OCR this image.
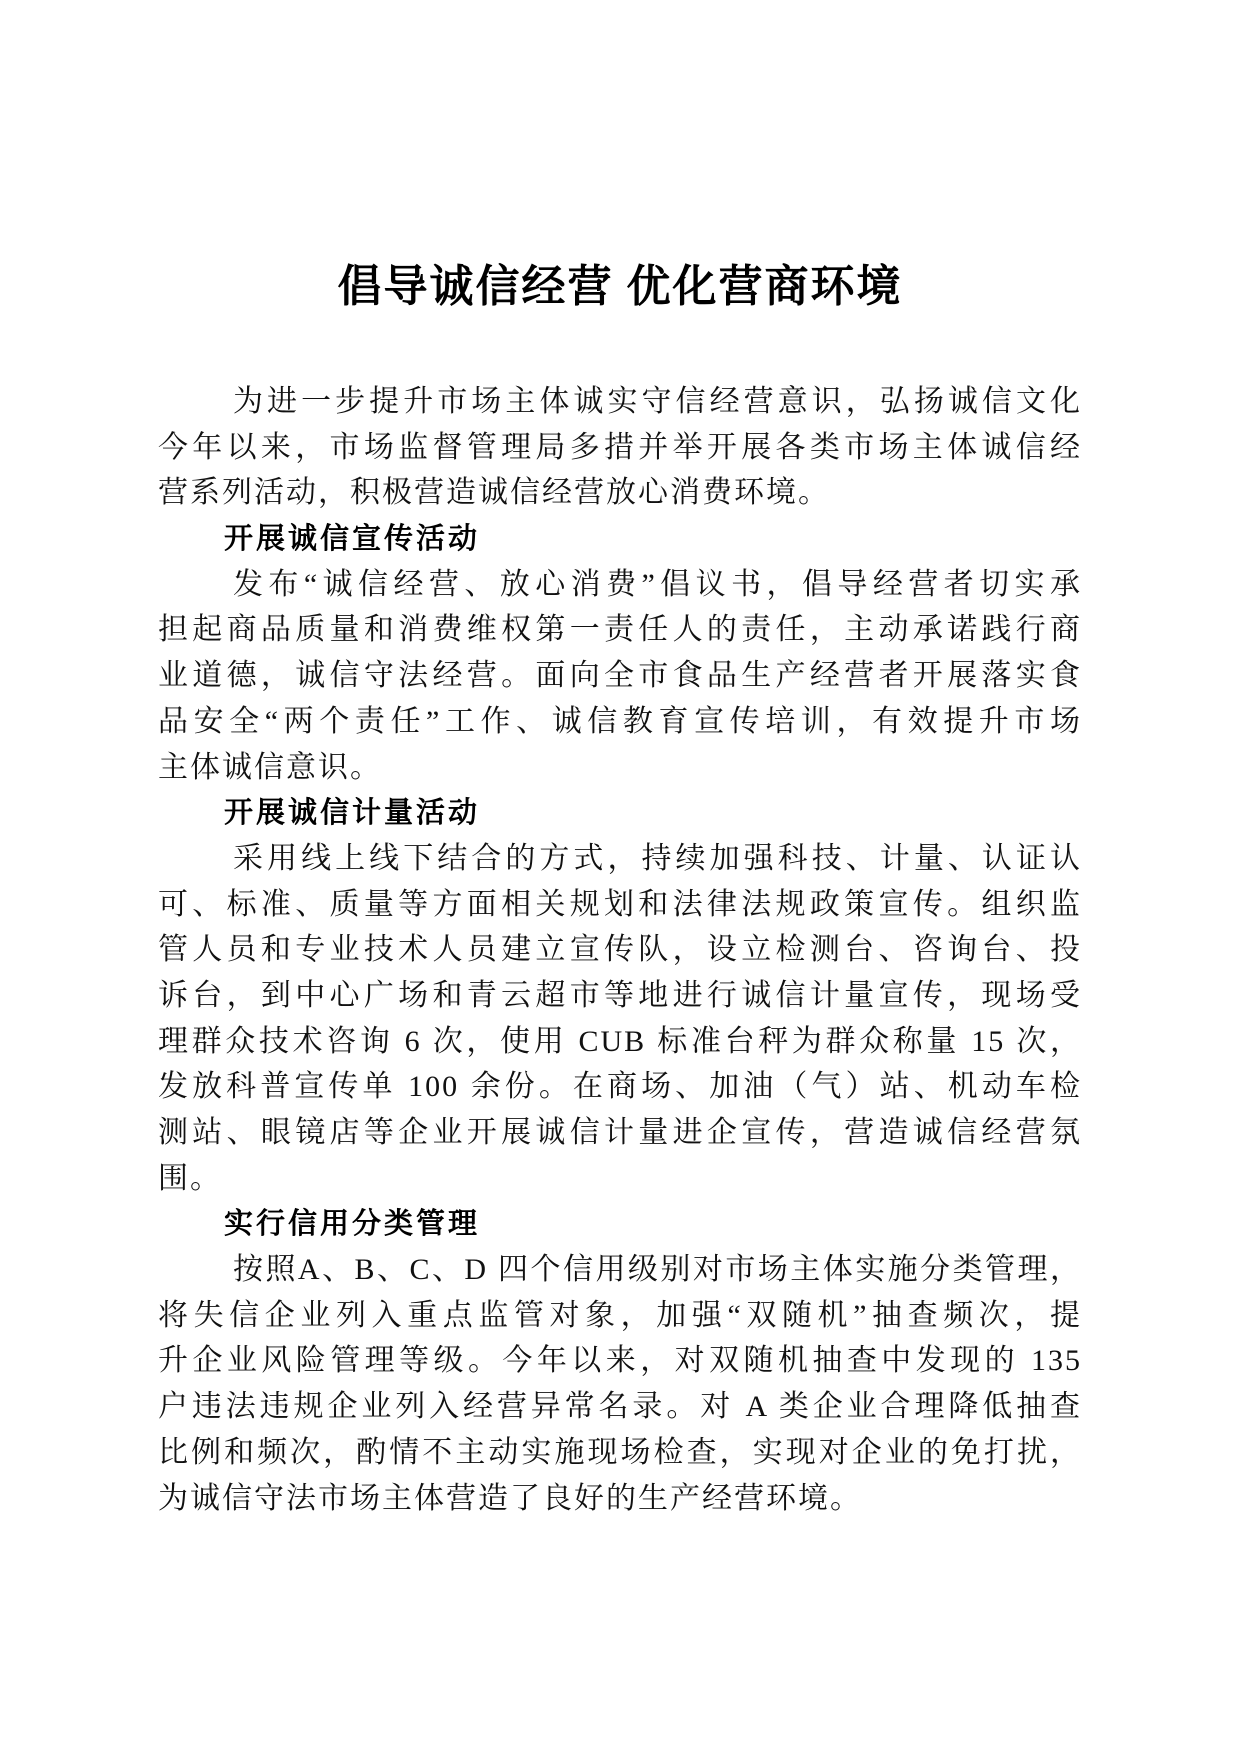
倡导诚信经营 优化营商环境
为进一步提升市场主体诚实守信经营意识，弘扬诚信文化
今年以来，市场监督管理局多措并举开展各类市场主体诚信经
营系列活动，积极营造诚信经营放心消费环境。
开展诚信宣传活动
发布“诚信经营、放心消费”倡议书，倡导经营者切实承
担起商品质量和消费维权第一责任人的责任，主动承诺践行商
业道德，诚信守法经营。面向全市食品生产经营者开展落实食
品安全“两个责任”工作、诚信教育宣传培训，有效提升市场
主体诚信意识。
开展诚信计量活动
采用线上线下结合的方式，持续加强科技、计量、认证认
可、标准、质量等方面相关规划和法律法规政策宣传。组织监
管人员和专业技术人员建立宣传队，设立检测台、咨询台、投
诉台，到中心广场和青云超市等地进行诚信计量宣传，现场受
理群众技术咨询 6 次，使用 CUB 标准台秤为群众称量 15 次，
发放科普宣传单 100 余份。在商场、加油（气）站、机动车检
测站、眼镜店等企业开展诚信计量进企宣传，营造诚信经营氛
围。
实行信用分类管理
按照A、B、C、D 四个信用级别对市场主体实施分类管理，
将失信企业列入重点监管对象，加强“双随机”抽查频次，提
升企业风险管理等级。今年以来，对双随机抽查中发现的 135
户违法违规企业列入经营异常名录。对 A 类企业合理降低抽查
比例和频次，酌情不主动实施现场检查，实现对企业的免打扰，
为诚信守法市场主体营造了良好的生产经营环境。
